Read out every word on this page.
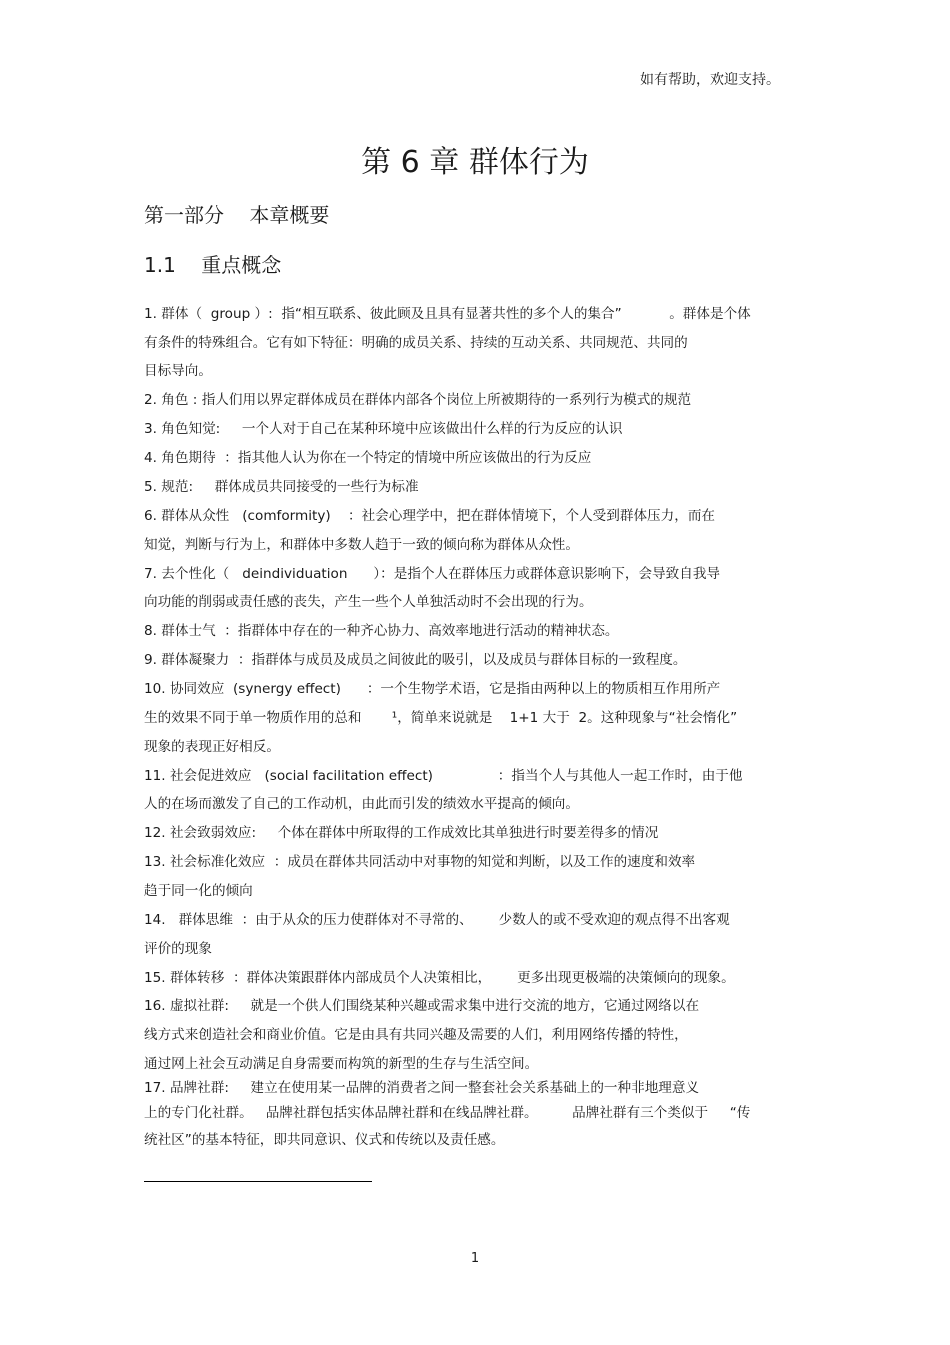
如有帮助，欢迎支持。
第 6 章 群体行为
第一部分    本章概要
1.1    重点概念
1. 群体（  group ）:  指“相互联系、彼此顾及且具有显著共性的多个人的集合”           。群体是个体
有条件的特殊组合。它有如下特征：明确的成员关系、持续的互动关系、共同规范、共同的
目标导向。
2. 角色 : 指人们用以界定群体成员在群体内部各个岗位上所被期待的一系列行为模式的规范
3. 角色知觉:     一个人对于自己在某种环境中应该做出什么样的行为反应的认识
4. 角色期待  ：指其他人认为你在一个特定的情境中所应该做出的行为反应
5. 规范:     群体成员共同接受的一些行为标准
6. 群体从众性   (comformity)    ：社会心理学中，把在群体情境下，个人受到群体压力，而在
知觉，判断与行为上，和群体中多数人趋于一致的倾向称为群体从众性。
7. 去个性化（   deindividuation      ）：是指个人在群体压力或群体意识影响下，会导致自我导
向功能的削弱或责任感的丧失，产生一些个人单独活动时不会出现的行为。
8. 群体士气  ：指群体中存在的一种齐心协力、高效率地进行活动的精神状态。
9. 群体凝聚力  ：指群体与成员及成员之间彼此的吸引，以及成员与群体目标的一致程度。
10. 协同效应  (synergy effect)      ：一个生物学术语，它是指由两种以上的物质相互作用所产
生的效果不同于单一物质作用的总和       ¹，简单来说就是    1+1 大于  2。这种现象与“社会惰化”
现象的表现正好相反。
11. 社会促进效应   (social facilitation effect)               ：指当个人与其他人一起工作时，由于他
人的在场而激发了自己的工作动机，由此而引发的绩效水平提高的倾向。
12. 社会致弱效应:     个体在群体中所取得的工作成效比其单独进行时要差得多的情况
13. 社会标准化效应  ：成员在群体共同活动中对事物的知觉和判断，以及工作的速度和效率
趋于同一化的倾向
14.   群体思维  ：由于从众的压力使群体对不寻常的、      少数人的或不受欢迎的观点得不出客观
评价的现象
15. 群体转移  ：群体决策跟群体内部成员个人决策相比，      更多出现更极端的决策倾向的现象。
16. 虚拟社群:     就是一个供人们围绕某种兴趣或需求集中进行交流的地方，它通过网络以在
线方式来创造社会和商业价值。它是由具有共同兴趣及需要的人们，利用网络传播的特性，
通过网上社会互动满足自身需要而构筑的新型的生存与生活空间。
17. 品牌社群:     建立在使用某一品牌的消费者之间一整套社会关系基础上的一种非地理意义
上的专门化社群。   品牌社群包括实体品牌社群和在线品牌社群。        品牌社群有三个类似于     “传
统社区”的基本特征，即共同意识、仪式和传统以及责任感。
1
